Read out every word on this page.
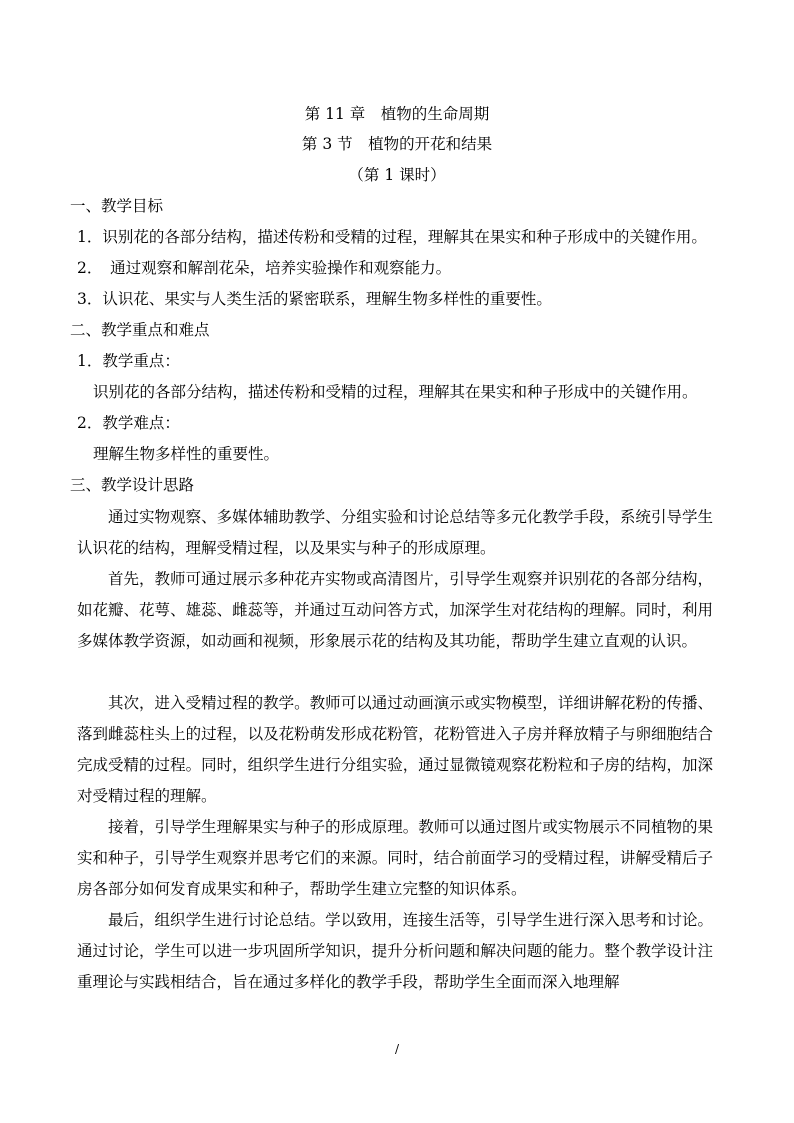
第 11 章　植物的生命周期
第 3 节　植物的开花和结果
（第 1 课时）
一、教学目标
1．识别花的各部分结构，描述传粉和受精的过程，理解其在果实和种子形成中的关键作用。
2．　通过观察和解剖花朵，培养实验操作和观察能力。
3．认识花、果实与人类生活的紧密联系，理解生物多样性的重要性。
二、教学重点和难点
1．教学重点：
识别花的各部分结构，描述传粉和受精的过程，理解其在果实和种子形成中的关键作用。
2．教学难点：
理解生物多样性的重要性。
三、教学设计思路

通过实物观察、多媒体辅助教学、分组实验和讨论总结等多元化教学手段，系统引导学生认识花的结构，理解受精过程，以及果实与种子的形成原理。

首先，教师可通过展示多种花卉实物或高清图片，引导学生观察并识别花的各部分结构，如花瓣、花萼、雄蕊、雌蕊等，并通过互动问答方式，加深学生对花结构的理解。同时，利用多媒体教学资源，如动画和视频，形象展示花的结构及其功能，帮助学生建立直观的认识。

其次，进入受精过程的教学。教师可以通过动画演示或实物模型，详细讲解花粉的传播、落到雌蕊柱头上的过程，以及花粉萌发形成花粉管，花粉管进入子房并释放精子与卵细胞结合完成受精的过程。同时，组织学生进行分组实验，通过显微镜观察花粉粒和子房的结构，加深对受精过程的理解。

接着，引导学生理解果实与种子的形成原理。教师可以通过图片或实物展示不同植物的果实和种子，引导学生观察并思考它们的来源。同时，结合前面学习的受精过程，讲解受精后子房各部分如何发育成果实和种子，帮助学生建立完整的知识体系。

最后，组织学生进行讨论总结。学以致用，连接生活等，引导学生进行深入思考和讨论。通过讨论，学生可以进一步巩固所学知识，提升分析问题和解决问题的能力。整个教学设计注重理论与实践相结合，旨在通过多样化的教学手段，帮助学生全面而深入地理解

/
